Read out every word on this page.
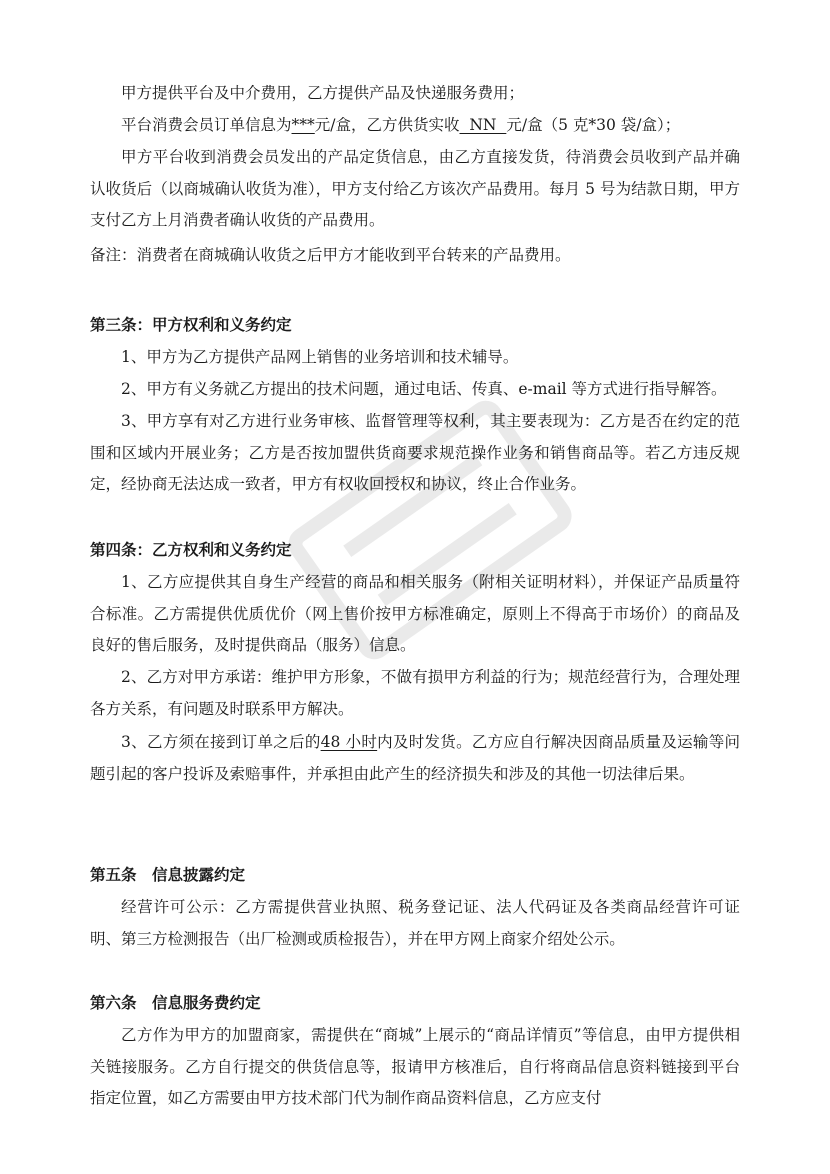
甲方提供平台及中介费用，乙方提供产品及快递服务费用；

平台消费会员订单信息为***元/盒，乙方供货实收  NN  元/盒（5 克*30 袋/盒）；

甲方平台收到消费会员发出的产品定货信息，由乙方直接发货，待消费会员收到产品并确认收货后（以商城确认收货为准），甲方支付给乙方该次产品费用。每月 5 号为结款日期，甲方支付乙方上月消费者确认收货的产品费用。

备注：消费者在商城确认收货之后甲方才能收到平台转来的产品费用。

第三条：甲方权利和义务约定

1、甲方为乙方提供产品网上销售的业务培训和技术辅导。

2、甲方有义务就乙方提出的技术问题，通过电话、传真、e-mail 等方式进行指导解答。

3、甲方享有对乙方进行业务审核、监督管理等权利，其主要表现为：乙方是否在约定的范围和区域内开展业务；乙方是否按加盟供货商要求规范操作业务和销售商品等。若乙方违反规定，经协商无法达成一致者，甲方有权收回授权和协议，终止合作业务。

第四条：乙方权利和义务约定

1、乙方应提供其自身生产经营的商品和相关服务（附相关证明材料），并保证产品质量符合标准。乙方需提供优质优价（网上售价按甲方标准确定，原则上不得高于市场价）的商品及良好的售后服务，及时提供商品（服务）信息。

2、乙方对甲方承诺：维护甲方形象，不做有损甲方利益的行为；规范经营行为，合理处理各方关系，有问题及时联系甲方解决。

3、乙方须在接到订单之后的48 小时内及时发货。乙方应自行解决因商品质量及运输等问题引起的客户投诉及索赔事件，并承担由此产生的经济损失和涉及的其他一切法律后果。

第五条　信息披露约定

经营许可公示：乙方需提供营业执照、税务登记证、法人代码证及各类商品经营许可证明、第三方检测报告（出厂检测或质检报告），并在甲方网上商家介绍处公示。

第六条　信息服务费约定

乙方作为甲方的加盟商家，需提供在“商城”上展示的“商品详情页”等信息，由甲方提供相关链接服务。乙方自行提交的供货信息等，报请甲方核准后，自行将商品信息资料链接到平台指定位置，如乙方需要由甲方技术部门代为制作商品资料信息，乙方应支付
